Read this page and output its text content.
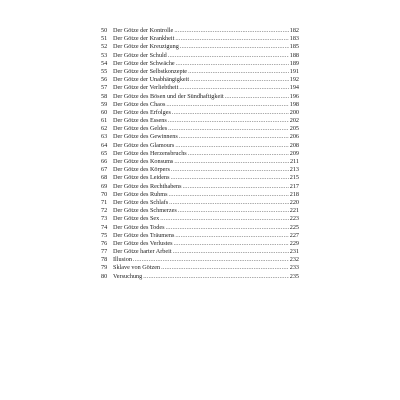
50 Der Götze der Kontrolle .....	182
51 Der Götze der Krankheit .....	183
52 Der Götze der Kreuzigung .....	185
53 Der Götze der Schuld .....	188
54 Der Götze der Schwäche .....	189
55 Der Götze der Selbstkonzepte .....	191
56 Der Götze der Unabhängigkeit .....	192
57 Der Götze der Verliebtheit .....	194
58 Der Götze des Bösen und der Sündhaftigkeit .....	196
59 Der Götze des Chaos .....	198
60 Der Götze des Erfolges .....	200
61 Der Götze des Essens .....	202
62 Der Götze des Geldes .....	205
63 Der Götze des Gewinnens .....	206
64 Der Götze des Glamours .....	208
65 Der Götze des Herzensbruchs .....	209
66 Der Götze des Konsums .....	211
67 Der Götze des Körpers .....	213
68 Der Götze des Leidens .....	215
69 Der Götze des Rechthabens .....	217
70 Der Götze des Ruhms .....	218
71 Der Götze des Schlafs .....	220
72 Der Götze des Schmerzes .....	221
73 Der Götze des Sex .....	223
74 Der Götze des Todes .....	225
75 Der Götze des Träumens .....	227
76 Der Götze des Verlustes .....	229
77 Der Götze harter Arbeit .....	231
78 Illusion .....	232
79 Sklave von Götzen .....	233
80 Versuchung .....	235
